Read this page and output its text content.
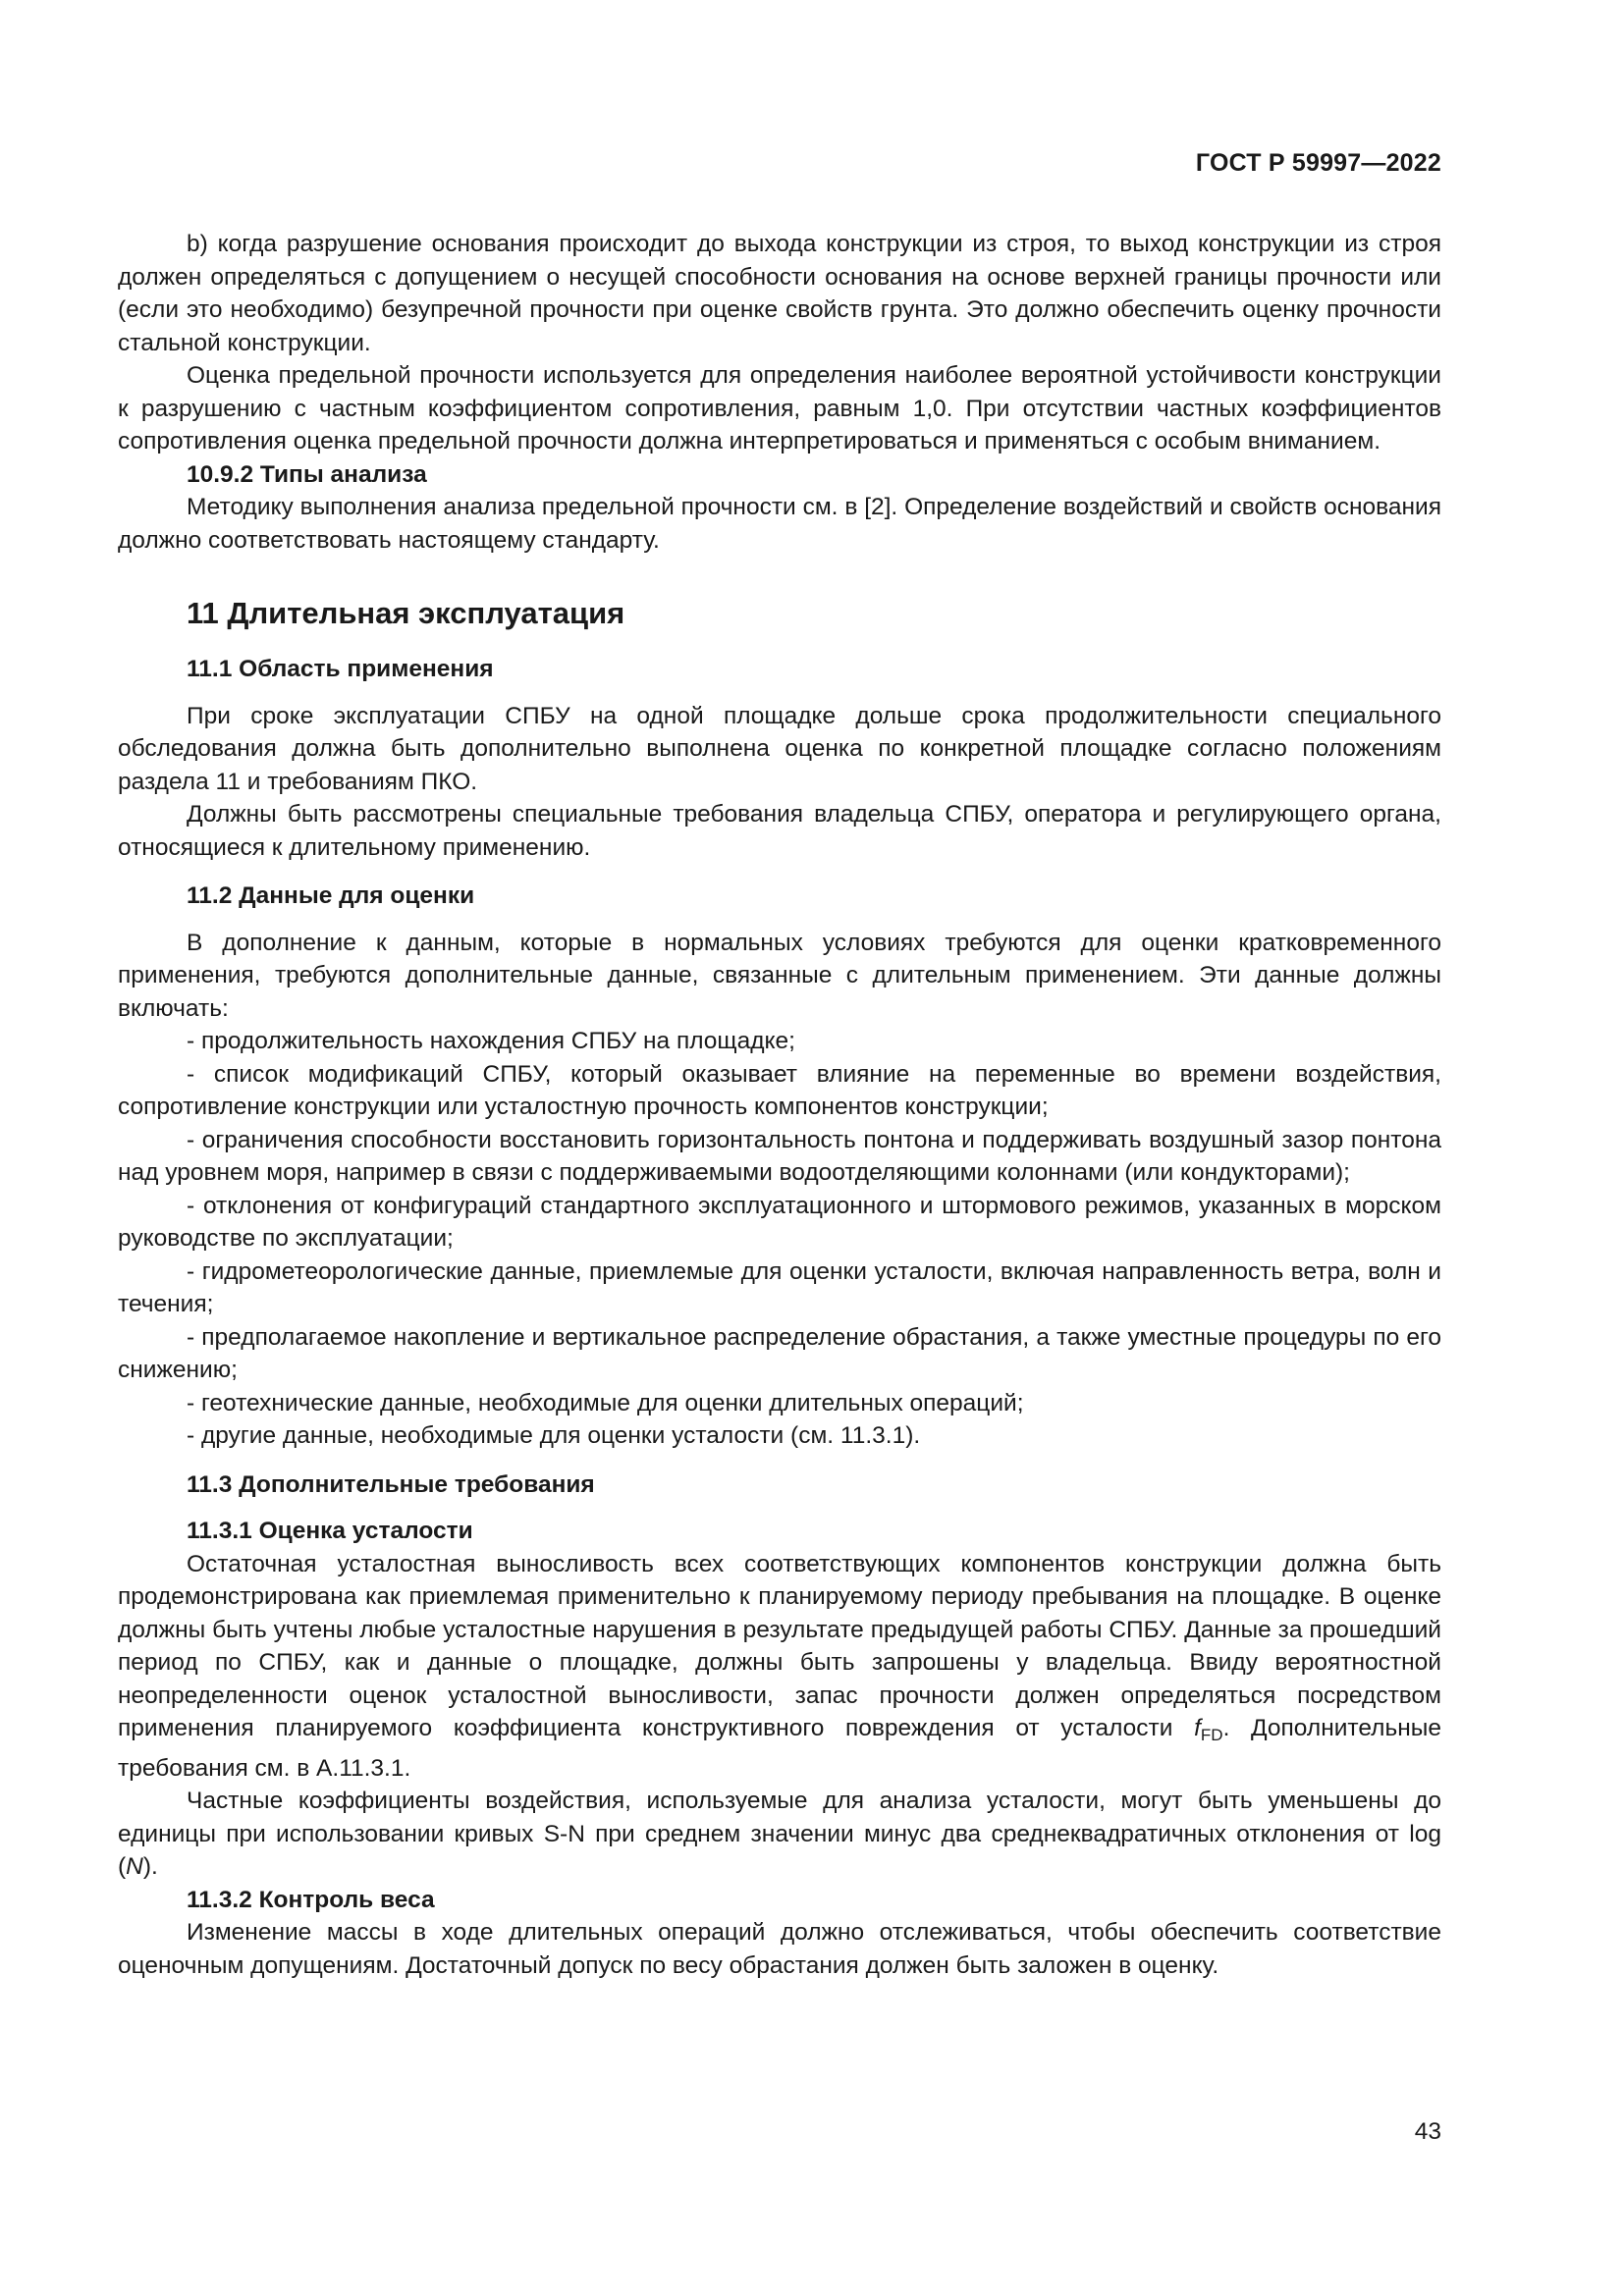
ГОСТ Р 59997—2022

b) когда разрушение основания происходит до выхода конструкции из строя, то выход конструкции из строя должен определяться с допущением о несущей способности основания на основе верхней границы прочности или (если это необходимо) безупречной прочности при оценке свойств грунта. Это должно обеспечить оценку прочности стальной конструкции.

Оценка предельной прочности используется для определения наиболее вероятной устойчивости конструкции к разрушению с частным коэффициентом сопротивления, равным 1,0. При отсутствии частных коэффициентов сопротивления оценка предельной прочности должна интерпретироваться и применяться с особым вниманием.

10.9.2 Типы анализа

Методику выполнения анализа предельной прочности см. в [2]. Определение воздействий и свойств основания должно соответствовать настоящему стандарту.

11 Длительная эксплуатация
11.1 Область применения

При сроке эксплуатации СПБУ на одной площадке дольше срока продолжительности специального обследования должна быть дополнительно выполнена оценка по конкретной площадке согласно положениям раздела 11 и требованиям ПКО.

Должны быть рассмотрены специальные требования владельца СПБУ, оператора и регулирующего органа, относящиеся к длительному применению.

11.2 Данные для оценки

В дополнение к данным, которые в нормальных условиях требуются для оценки кратковременного применения, требуются дополнительные данные, связанные с длительным применением. Эти данные должны включать:

- продолжительность нахождения СПБУ на площадке;

- список модификаций СПБУ, который оказывает влияние на переменные во времени воздействия, сопротивление конструкции или усталостную прочность компонентов конструкции;

- ограничения способности восстановить горизонтальность понтона и поддерживать воздушный зазор понтона над уровнем моря, например в связи с поддерживаемыми водоотделяющими колоннами (или кондукторами);

- отклонения от конфигураций стандартного эксплуатационного и штормового режимов, указанных в морском руководстве по эксплуатации;

- гидрометеорологические данные, приемлемые для оценки усталости, включая направленность ветра, волн и течения;

- предполагаемое накопление и вертикальное распределение обрастания, а также уместные процедуры по его снижению;

- геотехнические данные, необходимые для оценки длительных операций;

- другие данные, необходимые для оценки усталости (см. 11.3.1).

11.3 Дополнительные требования
11.3.1 Оценка усталости

Остаточная усталостная выносливость всех соответствующих компонентов конструкции должна быть продемонстрирована как приемлемая применительно к планируемому периоду пребывания на площадке. В оценке должны быть учтены любые усталостные нарушения в результате предыдущей работы СПБУ. Данные за прошедший период по СПБУ, как и данные о площадке, должны быть запрошены у владельца. Ввиду вероятностной неопределенности оценок усталостной выносливости, запас прочности должен определяться посредством применения планируемого коэффициента конструктивного повреждения от усталости $f_{FD}$. Дополнительные требования см. в А.11.3.1.

Частные коэффициенты воздействия, используемые для анализа усталости, могут быть уменьшены до единицы при использовании кривых S-N при среднем значении минус два среднеквадратичных отклонения от log (N).

11.3.2 Контроль веса

Изменение массы в ходе длительных операций должно отслеживаться, чтобы обеспечить соответствие оценочным допущениям. Достаточный допуск по весу обрастания должен быть заложен в оценку.

43
